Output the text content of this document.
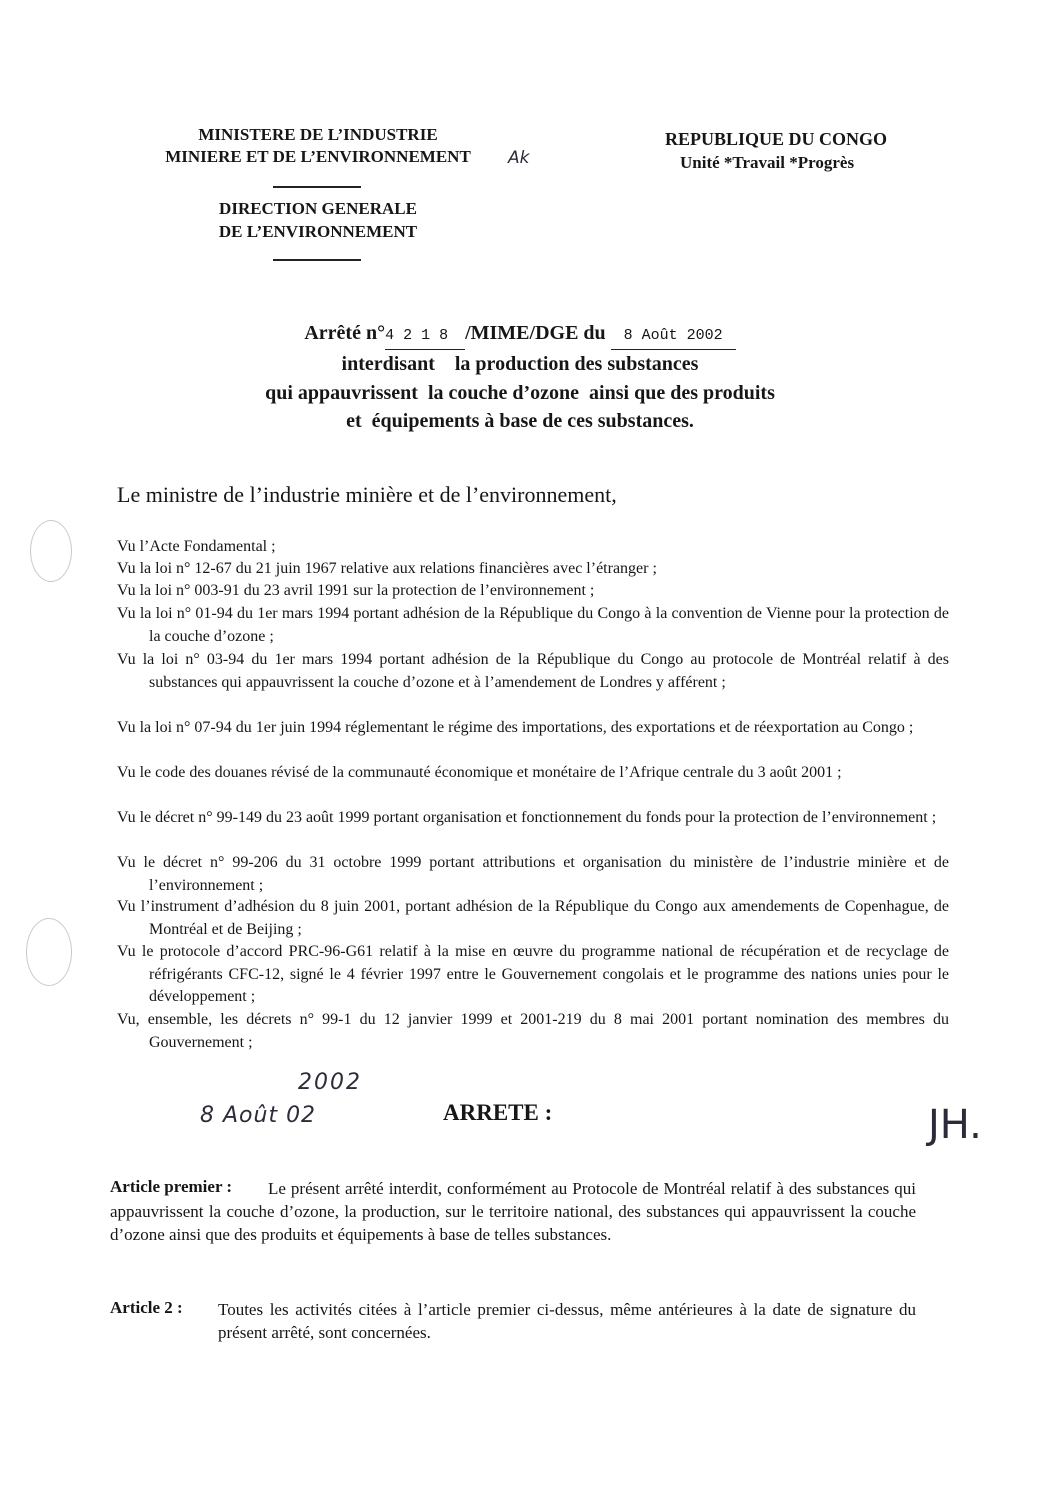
MINISTERE DE L’INDUSTRIE
MINIERE ET DE L’ENVIRONNEMENT	Ak
DIRECTION GENERALE
DE L’ENVIRONNEMENT
REPUBLIQUE DU CONGO
Unité *Travail *Progrès
Arrêté n°4 2 1 8 /MIME/DGE du 8 Août 2002
interdisant    la production des substances
qui appauvrissent  la couche d’ozone  ainsi que des produits
et  équipements à base de ces substances.
Le ministre de l’industrie minière et de l’environnement,
Vu l’Acte Fondamental ;
Vu la loi n° 12-67 du 21 juin 1967 relative aux relations financières avec l’étranger ;
Vu la loi n° 003-91 du 23 avril 1991 sur la protection de l’environnement ;
Vu la loi n° 01-94 du 1er mars 1994 portant adhésion de la République du Congo à la convention de Vienne pour la protection de la couche d’ozone ;
Vu la loi n° 03-94 du 1er mars 1994 portant adhésion de la République du Congo au protocole de Montréal relatif à des substances qui appauvrissent la couche d’ozone et à l’amendement de Londres y afférent ;
Vu la loi n° 07-94 du 1er juin 1994 réglementant le régime des importations, des exportations et de réexportation au Congo ;
Vu le code des douanes révisé de la communauté économique et monétaire de l’Afrique centrale du 3 août 2001 ;
Vu le décret n° 99-149 du 23 août 1999 portant organisation et fonctionnement du fonds pour la protection de l’environnement ;
Vu le décret n° 99-206 du 31 octobre 1999 portant attributions et organisation du ministère de l’industrie minière et de l’environnement ;
Vu l’instrument d’adhésion du 8 juin 2001, portant adhésion de la République du Congo aux amendements de Copenhague, de Montréal et de Beijing ;
Vu le protocole d’accord PRC-96-G61 relatif à la mise en œuvre du programme national de récupération et de recyclage de réfrigérants CFC-12, signé le 4 février 1997 entre le Gouvernement congolais et le programme des nations unies pour le développement ;
Vu, ensemble, les décrets n° 99-1 du 12 janvier 1999 et 2001-219 du 8 mai 2001 portant nomination des membres du Gouvernement ;
2002
8 Août 02	JH.
ARRETE :
Article premier :	Le présent arrêté interdit, conformément au Protocole de Montréal relatif à des substances qui appauvrissent la couche d’ozone, la production, sur le territoire national, des substances qui appauvrissent la couche d’ozone ainsi que des produits et équipements à base de telles substances.
Article 2 : Toutes les activités citées à l’article premier ci-dessus, même antérieures à la date de signature du présent arrêté, sont concernées.
